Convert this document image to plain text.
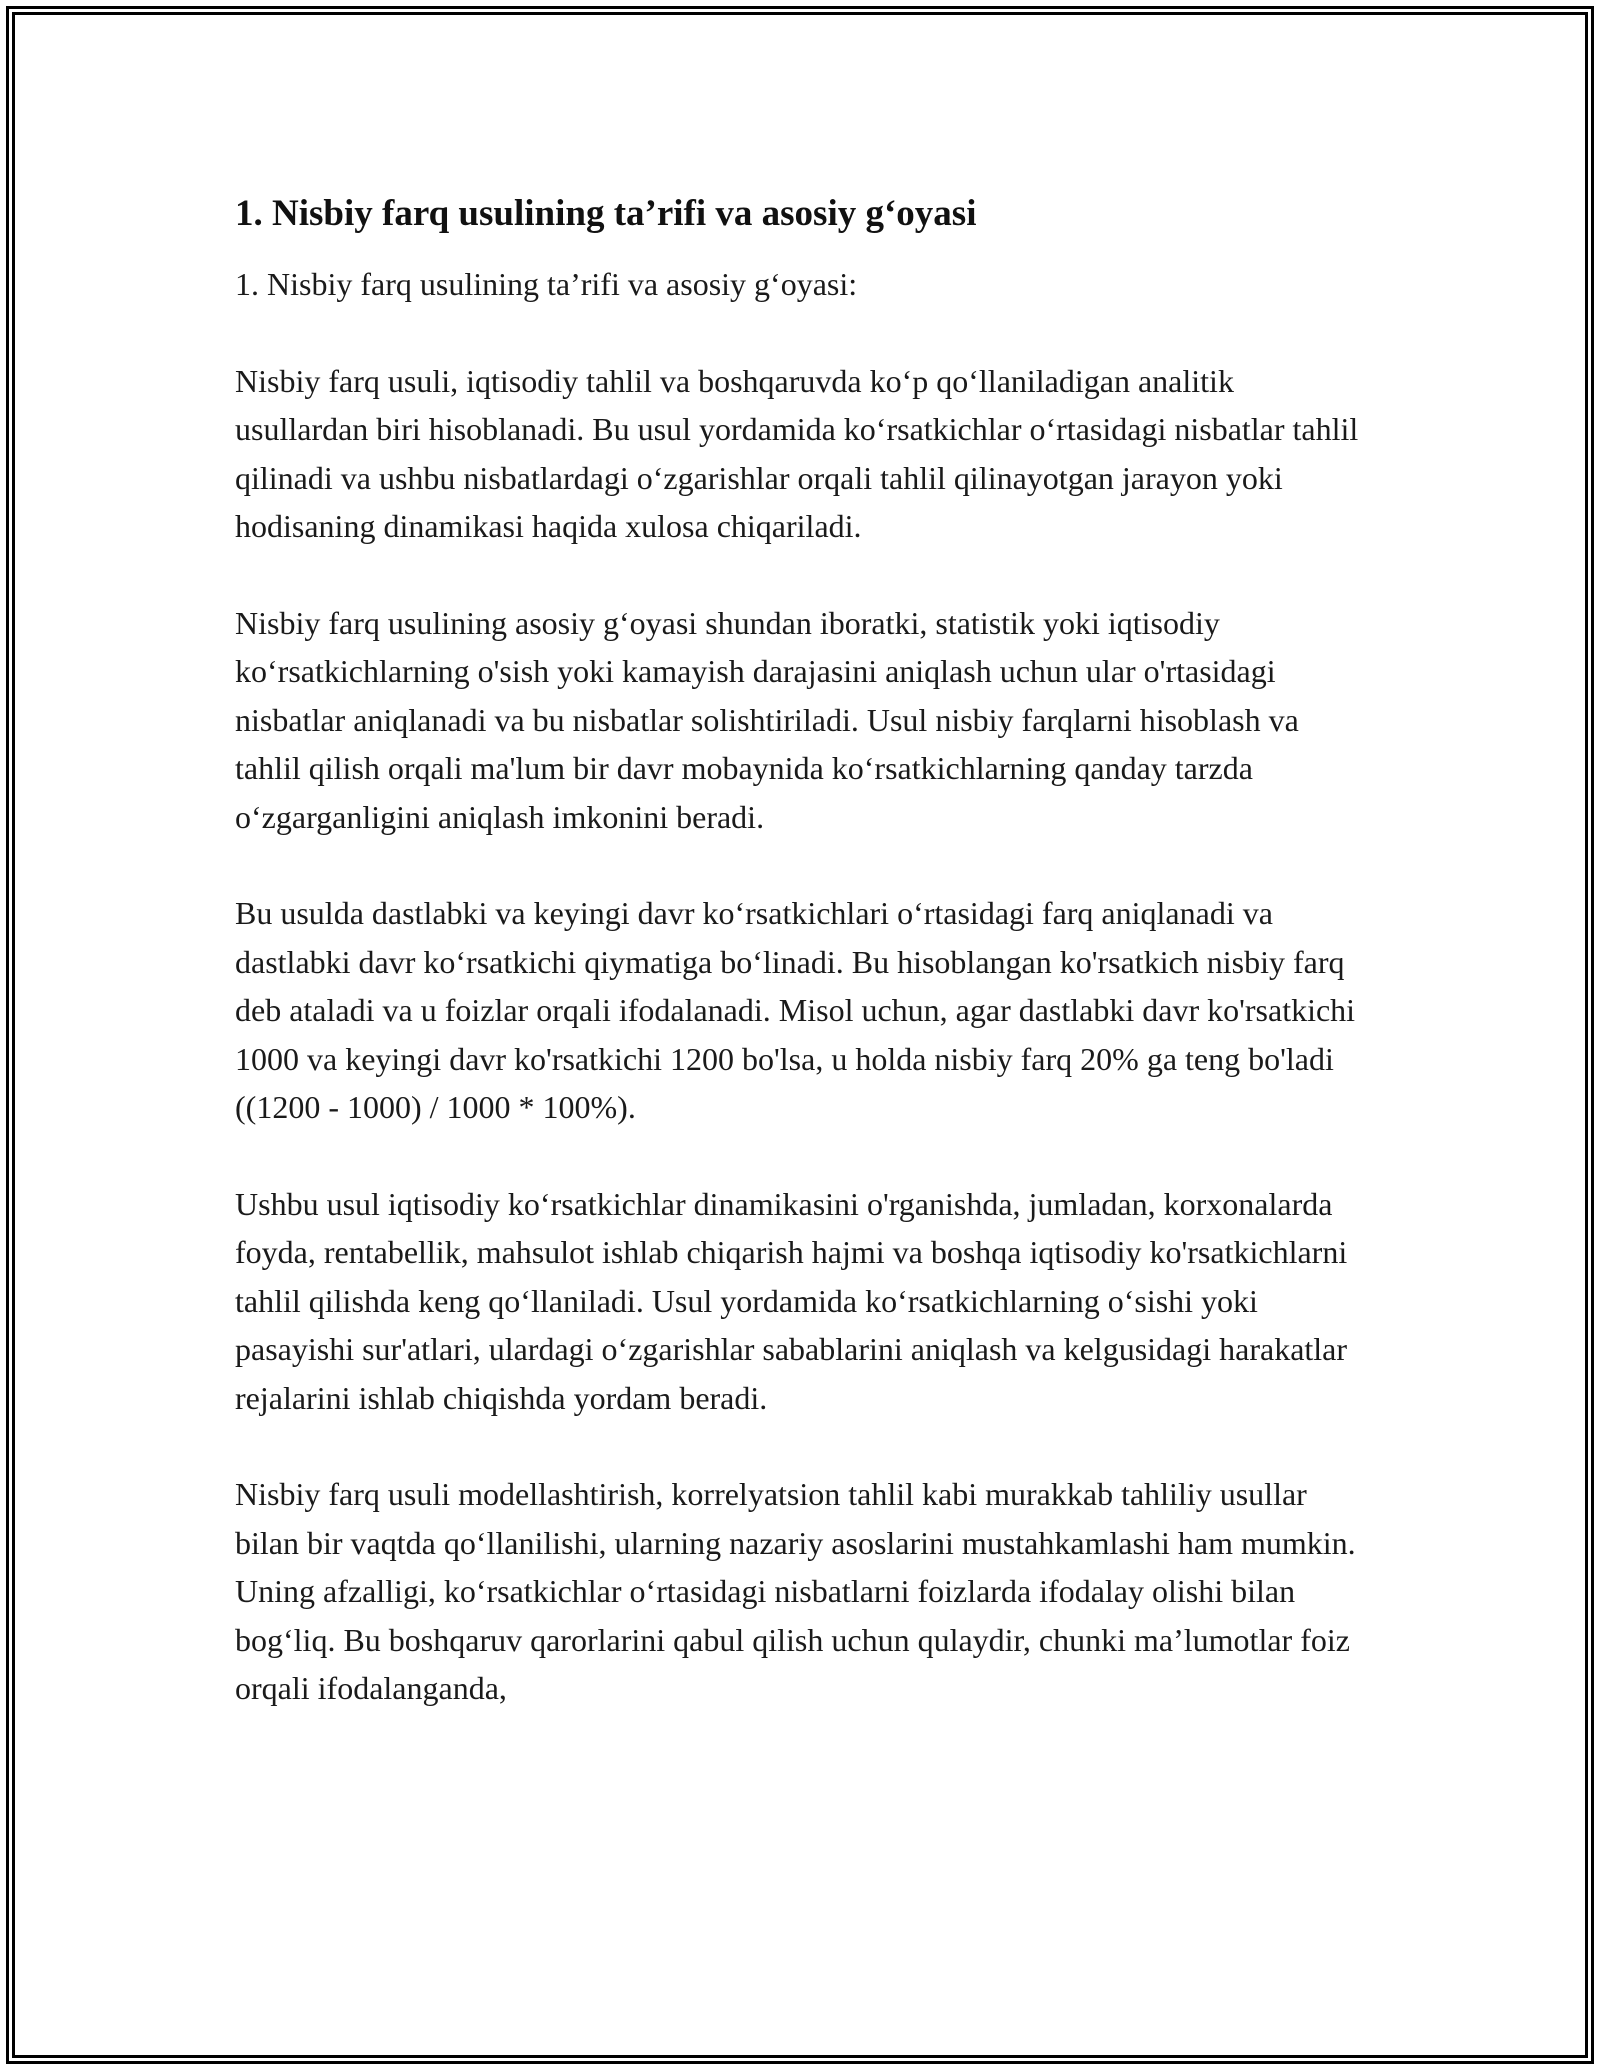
1. Nisbiy farq usulining ta’rifi va asosiy g‘oyasi

1. Nisbiy farq usulining ta’rifi va asosiy g‘oyasi:

Nisbiy farq usuli, iqtisodiy tahlil va boshqaruvda ko‘p qo‘llaniladigan analitik usullardan biri hisoblanadi. Bu usul yordamida ko‘rsatkichlar o‘rtasidagi nisbatlar tahlil qilinadi va ushbu nisbatlardagi o‘zgarishlar orqali tahlil qilinayotgan jarayon yoki hodisaning dinamikasi haqida xulosa chiqariladi.

Nisbiy farq usulining asosiy g‘oyasi shundan iboratki, statistik yoki iqtisodiy ko‘rsatkichlarning o'sish yoki kamayish darajasini aniqlash uchun ular o'rtasidagi nisbatlar aniqlanadi va bu nisbatlar solishtiriladi. Usul nisbiy farqlarni hisoblash va tahlil qilish orqali ma'lum bir davr mobaynida ko‘rsatkichlarning qanday tarzda o‘zgarganligini aniqlash imkonini beradi.

Bu usulda dastlabki va keyingi davr ko‘rsatkichlari o‘rtasidagi farq aniqlanadi va dastlabki davr ko‘rsatkichi qiymatiga bo‘linadi. Bu hisoblangan ko'rsatkich nisbiy farq deb ataladi va u foizlar orqali ifodalanadi. Misol uchun, agar dastlabki davr ko'rsatkichi 1000 va keyingi davr ko'rsatkichi 1200 bo'lsa, u holda nisbiy farq 20% ga teng bo'ladi ((1200 - 1000) / 1000 * 100%).

Ushbu usul iqtisodiy ko‘rsatkichlar dinamikasini o'rganishda, jumladan, korxonalarda foyda, rentabellik, mahsulot ishlab chiqarish hajmi va boshqa iqtisodiy ko'rsatkichlarni tahlil qilishda keng qo‘llaniladi. Usul yordamida ko‘rsatkichlarning o‘sishi yoki pasayishi sur'atlari, ulardagi o‘zgarishlar sabablarini aniqlash va kelgusidagi harakatlar rejalarini ishlab chiqishda yordam beradi.

Nisbiy farq usuli modellashtirish, korrelyatsion tahlil kabi murakkab tahliliy usullar bilan bir vaqtda qo‘llanilishi, ularning nazariy asoslarini mustahkamlashi ham mumkin. Uning afzalligi, ko‘rsatkichlar o‘rtasidagi nisbatlarni foizlarda ifodalay olishi bilan bog‘liq. Bu boshqaruv qarorlarini qabul qilish uchun qulaydir, chunki ma’lumotlar foiz orqali ifodalanganda,
